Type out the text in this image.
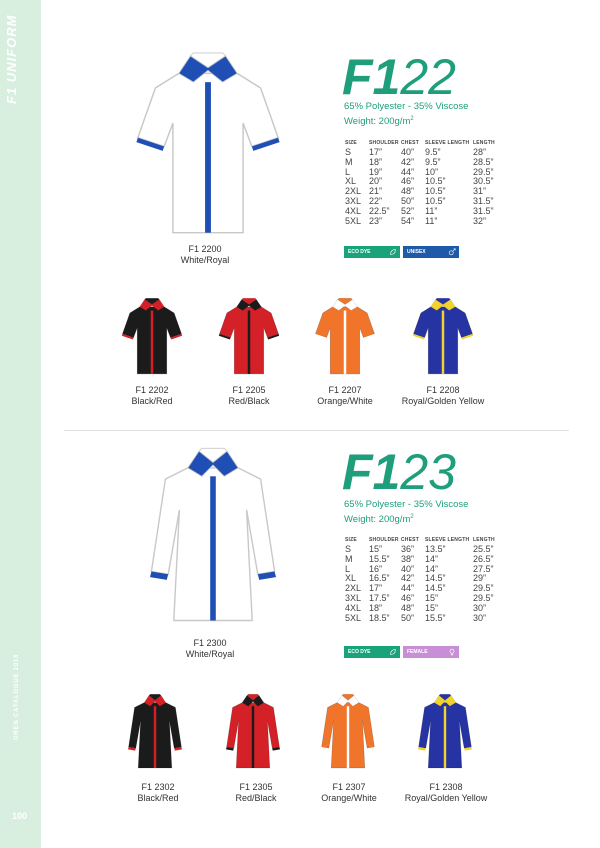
F1 UNIFORM
OREN CATALOGUE 2018
100
F1 2200
White/Royal
F122
65% Polyester - 35% Viscose
Weight: $200g/m^2$
SIZE	SHOULDER	CHEST	SLEEVE LENGTH	LENGTH
S	17”	40”	9.5”	28”
M	18”	42”	9.5”	28.5”
L	19”	44”	10”	29.5”
XL	20”	46”	10.5”	30.5”
2XL	21”	48”	10.5”	31”
3XL	22”	50”	10.5”	31.5”
4XL	22.5”	52”	11”	31.5”
5XL	23”	54”	11”	32”
ECO DYE	UNISEX
F1 2202
Black/Red
F1 2205
Red/Black
F1 2207
Orange/White
F1 2208
Royal/Golden Yellow
F1 2300
White/Royal
F123
65% Polyester - 35% Viscose
Weight: $200g/m^2$
SIZE	SHOULDER	CHEST	SLEEVE LENGTH	LENGTH
S	15”	36”	13.5”	25.5”
M	15.5”	38”	14”	26.5”
L	16”	40”	14”	27.5”
XL	16.5”	42”	14.5”	29”
2XL	17”	44”	14.5”	29.5”
3XL	17.5”	46”	15”	29.5”
4XL	18”	48”	15”	30”
5XL	18.5”	50”	15.5”	30”
ECO DYE	FEMALE
F1 2302
Black/Red
F1 2305
Red/Black
F1 2307
Orange/White
F1 2308
Royal/Golden Yellow
